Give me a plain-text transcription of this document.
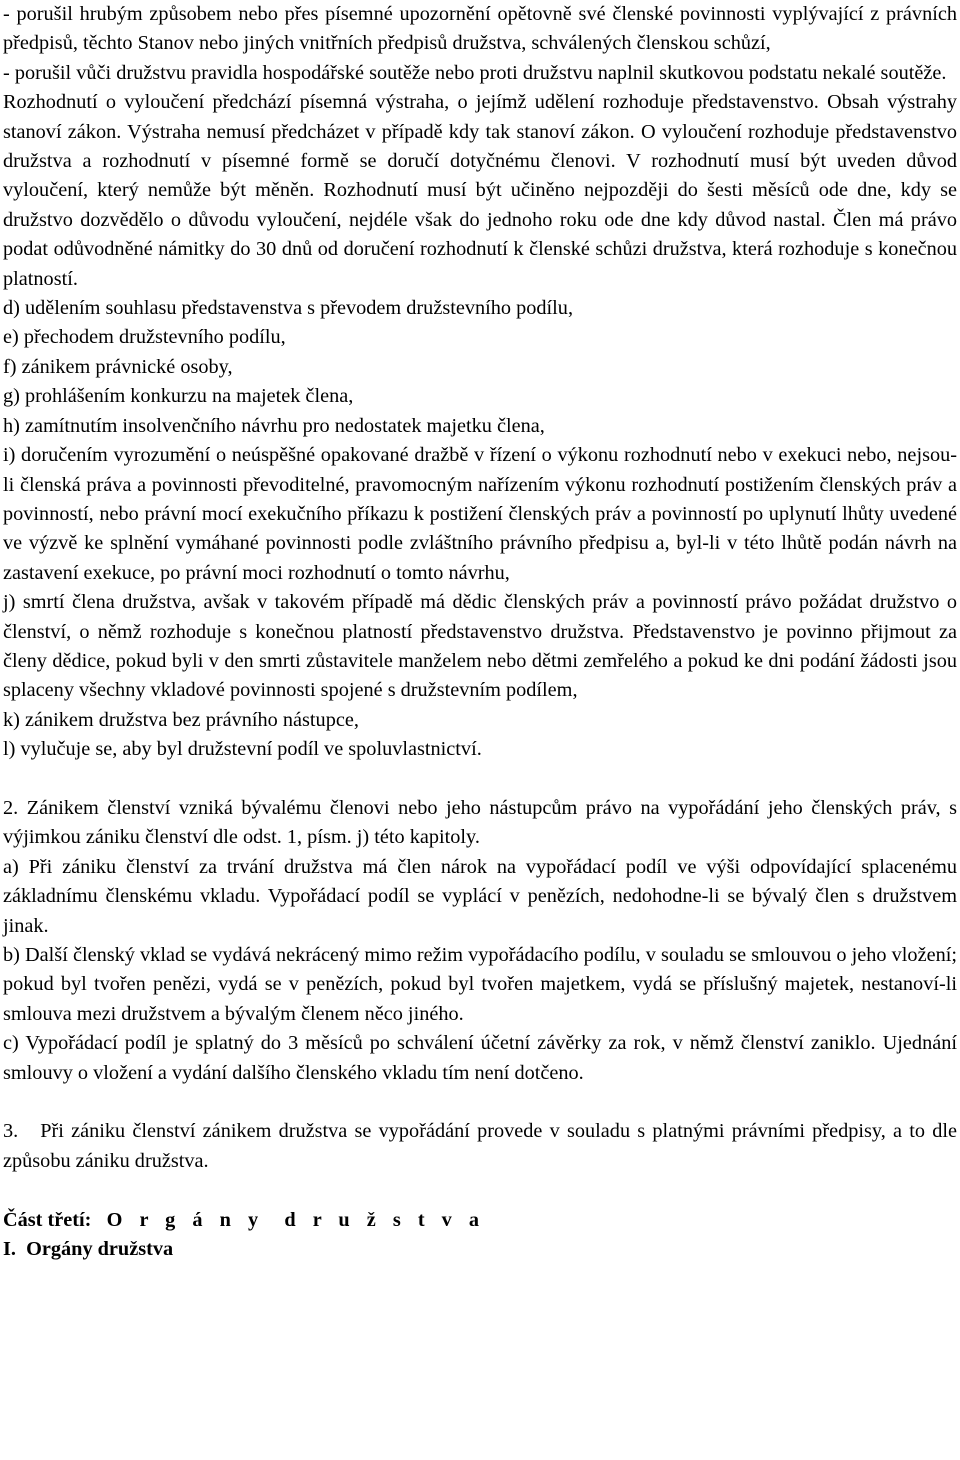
- porušil hrubým způsobem nebo přes písemné upozornění opětovně své členské povinnosti vyplývající z právních předpisů, těchto Stanov nebo jiných vnitřních předpisů družstva, schválených členskou schůzí,

- porušil vůči družstvu pravidla hospodářské soutěže nebo proti družstvu naplnil skutkovou podstatu nekalé soutěže.

Rozhodnutí o vyloučení předchází písemná výstraha, o jejímž udělení rozhoduje představenstvo. Obsah výstrahy stanoví zákon. Výstraha nemusí předcházet v případě kdy tak stanoví zákon. O vyloučení rozhoduje představenstvo družstva a rozhodnutí v písemné formě se doručí dotyčnému členovi. V rozhodnutí musí být uveden důvod vyloučení, který nemůže být měněn. Rozhodnutí musí být učiněno nejpozději do šesti měsíců ode dne, kdy se družstvo dozvědělo o důvodu vyloučení, nejdéle však do jednoho roku ode dne kdy důvod nastal. Člen má právo podat odůvodněné námitky do 30 dnů od doručení rozhodnutí k členské schůzi družstva, která rozhoduje s konečnou platností.

d) udělením souhlasu představenstva s převodem družstevního podílu,

e) přechodem družstevního podílu,

f) zánikem právnické osoby,

g) prohlášením konkurzu na majetek člena,

h) zamítnutím insolvenčního návrhu pro nedostatek majetku člena,

i) doručením vyrozumění o neúspěšné opakované dražbě v řízení o výkonu rozhodnutí nebo v exekuci nebo, nejsou-li členská práva a povinnosti převoditelné, pravomocným nařízením výkonu rozhodnutí postižením členských práv a povinností, nebo právní mocí exekučního příkazu k postižení členských práv a povinností po uplynutí lhůty uvedené ve výzvě ke splnění vymáhané povinnosti podle zvláštního právního předpisu a, byl-li v této lhůtě podán návrh na zastavení exekuce, po právní moci rozhodnutí o tomto návrhu,

j) smrtí člena družstva, avšak v takovém případě má dědic členských práv a povinností právo požádat družstvo o členství, o němž rozhoduje s konečnou platností představenstvo družstva. Představenstvo je povinno přijmout za členy dědice, pokud byli v den smrti zůstavitele manželem nebo dětmi zemřelého a pokud ke dni podání žádosti jsou splaceny všechny vkladové povinnosti spojené s družstevním podílem,

k) zánikem družstva bez právního nástupce,

l) vylučuje se, aby byl družstevní podíl ve spoluvlastnictví.

2. Zánikem členství vzniká bývalému členovi nebo jeho nástupcům právo na vypořádání jeho členských práv, s výjimkou zániku členství dle odst. 1, písm. j) této kapitoly.

a) Při zániku členství za trvání družstva má člen nárok na vypořádací podíl ve výši odpovídající splacenému základnímu členskému vkladu. Vypořádací podíl se vyplácí v penězích, nedohodne-li se bývalý člen s družstvem jinak.

b) Další členský vklad se vydává nekrácený mimo režim vypořádacího podílu, v souladu se smlouvou o jeho vložení; pokud byl tvořen penězi, vydá se v penězích, pokud byl tvořen majetkem, vydá se příslušný majetek, nestanoví-li smlouva mezi družstvem a bývalým členem něco jiného.

c) Vypořádací podíl je splatný do 3 měsíců po schválení účetní závěrky za rok, v němž členství zaniklo. Ujednání smlouvy o vložení a vydání dalšího členského vkladu tím není dotčeno.

3. Při zániku členství zánikem družstva se vypořádání provede v souladu s platnými právními předpisy, a to dle způsobu zániku družstva.

Část třetí: O r g á n y d r u ž s t v a

I.  Orgány družstva
